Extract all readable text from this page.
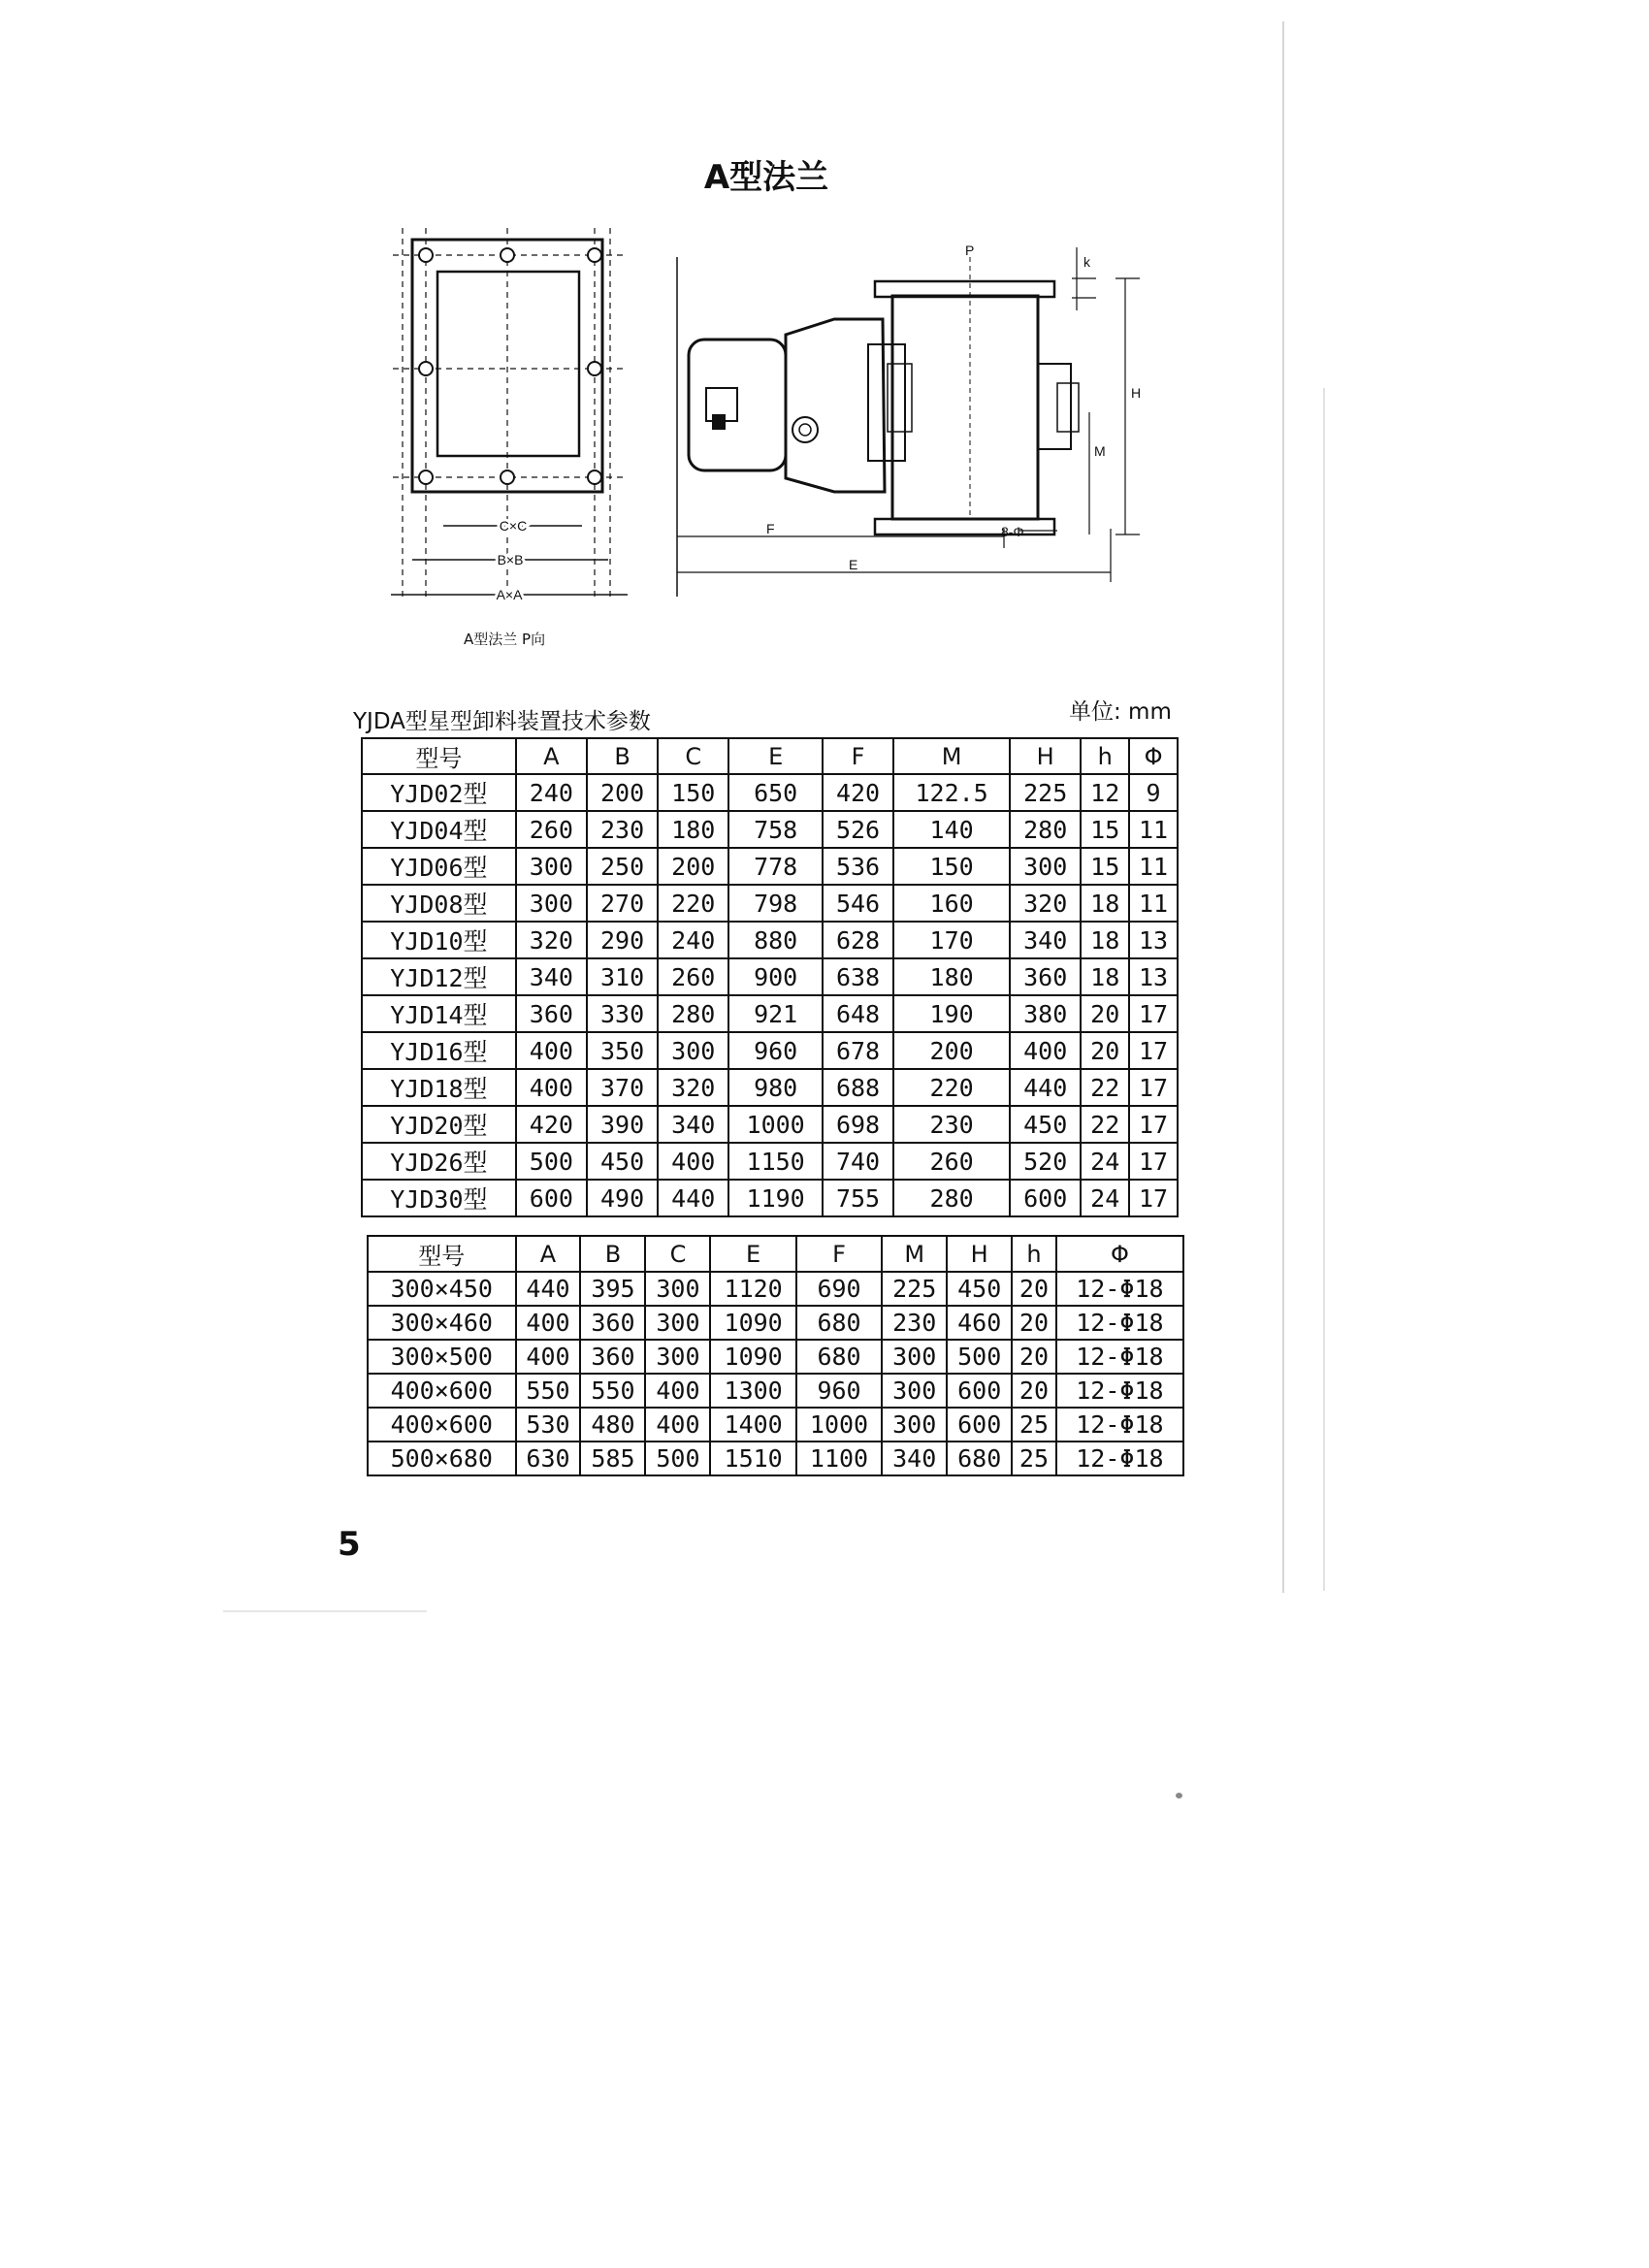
A型法兰
C×C
B×B
A×A
P
k
H
M
F
E
8-Φ
A型法兰 P向
YJDA型星型卸料装置技术参数	单位: mm
型号	A	B	C	E	F	M	H	h	Φ
YJD02型	240	200	150	650	420	122.5	225	12	9
YJD04型	260	230	180	758	526	140	280	15	11
YJD06型	300	250	200	778	536	150	300	15	11
YJD08型	300	270	220	798	546	160	320	18	11
YJD10型	320	290	240	880	628	170	340	18	13
YJD12型	340	310	260	900	638	180	360	18	13
YJD14型	360	330	280	921	648	190	380	20	17
YJD16型	400	350	300	960	678	200	400	20	17
YJD18型	400	370	320	980	688	220	440	22	17
YJD20型	420	390	340	1000	698	230	450	22	17
YJD26型	500	450	400	1150	740	260	520	24	17
YJD30型	600	490	440	1190	755	280	600	24	17
型号	A	B	C	E	F	M	H	h	Φ
300×450	440	395	300	1120	690	225	450	20	12-Φ18
300×460	400	360	300	1090	680	230	460	20	12-Φ18
300×500	400	360	300	1090	680	300	500	20	12-Φ18
400×600	550	550	400	1300	960	300	600	20	12-Φ18
400×600	530	480	400	1400	1000	300	600	25	12-Φ18
500×680	630	585	500	1510	1100	340	680	25	12-Φ18
5
